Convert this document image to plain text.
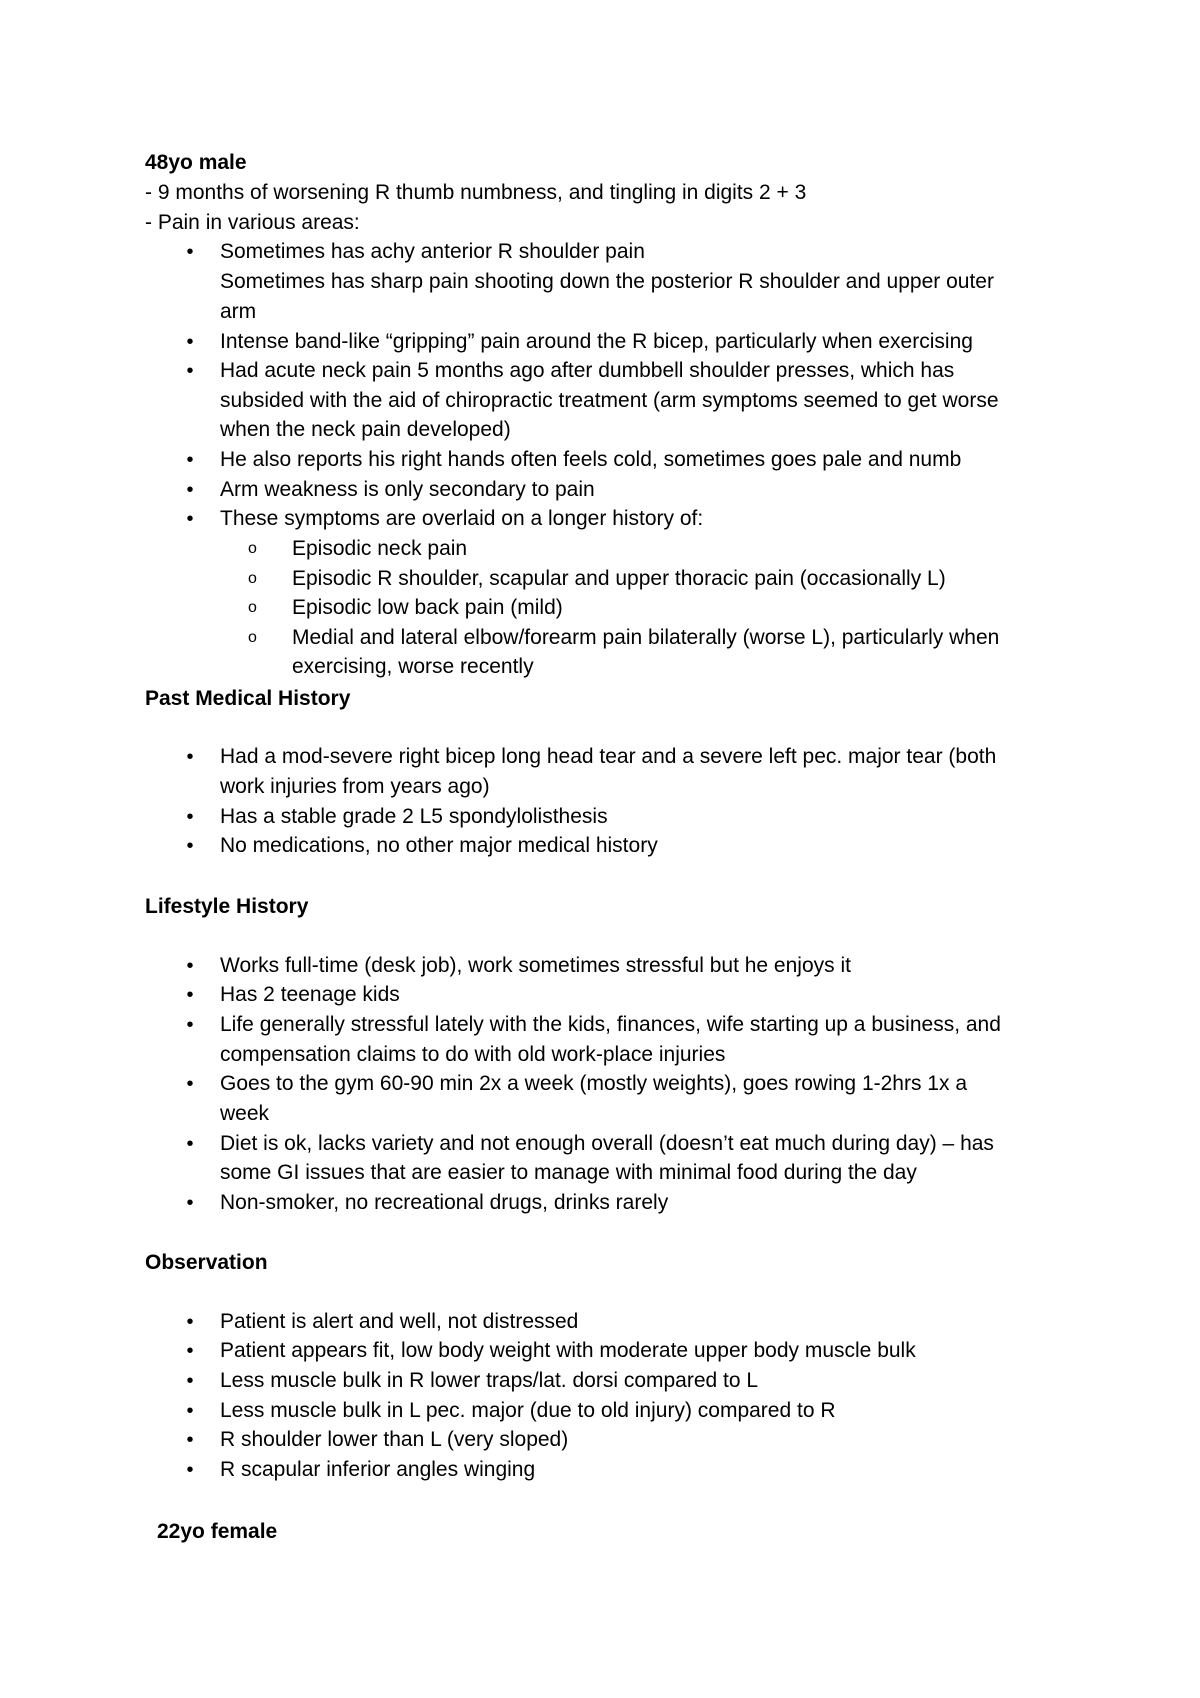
48yo male
- 9 months of worsening R thumb numbness, and tingling in digits 2 + 3
- Pain in various areas:
• Sometimes has achy anterior R shoulder pain
Sometimes has sharp pain shooting down the posterior R shoulder and upper outer
arm
• Intense band-like “gripping” pain around the R bicep, particularly when exercising
• Had acute neck pain 5 months ago after dumbbell shoulder presses, which has
subsided with the aid of chiropractic treatment (arm symptoms seemed to get worse
when the neck pain developed)
• He also reports his right hands often feels cold, sometimes goes pale and numb
• Arm weakness is only secondary to pain
• These symptoms are overlaid on a longer history of:
o Episodic neck pain
o Episodic R shoulder, scapular and upper thoracic pain (occasionally L)
o Episodic low back pain (mild)
o Medial and lateral elbow/forearm pain bilaterally (worse L), particularly when
exercising, worse recently
Past Medical History
• Had a mod-severe right bicep long head tear and a severe left pec. major tear (both
work injuries from years ago)
• Has a stable grade 2 L5 spondylolisthesis
• No medications, no other major medical history
Lifestyle History
• Works full-time (desk job), work sometimes stressful but he enjoys it
• Has 2 teenage kids
• Life generally stressful lately with the kids, finances, wife starting up a business, and
compensation claims to do with old work-place injuries
• Goes to the gym 60-90 min 2x a week (mostly weights), goes rowing 1-2hrs 1x a
week
• Diet is ok, lacks variety and not enough overall (doesn’t eat much during day) – has
some GI issues that are easier to manage with minimal food during the day
• Non-smoker, no recreational drugs, drinks rarely
Observation
• Patient is alert and well, not distressed
• Patient appears fit, low body weight with moderate upper body muscle bulk
• Less muscle bulk in R lower traps/lat. dorsi compared to L
• Less muscle bulk in L pec. major (due to old injury) compared to R
• R shoulder lower than L (very sloped)
• R scapular inferior angles winging
22yo female
